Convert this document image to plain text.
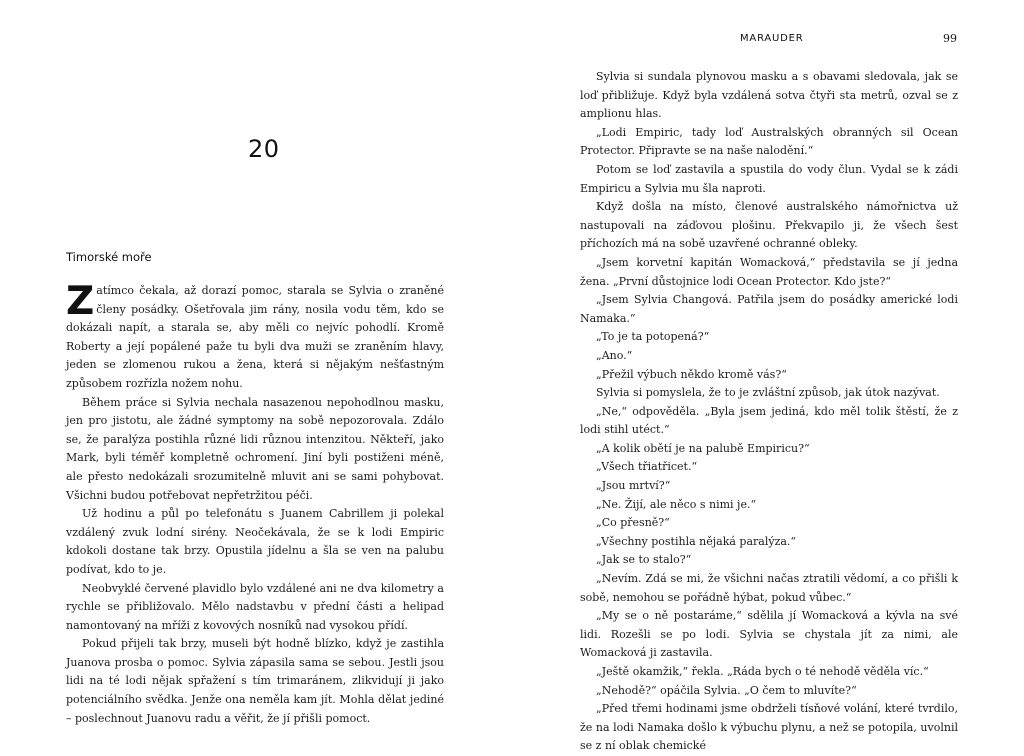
20
Timorské moře

Zatímco čekala, až dorazí pomoc, starala se Sylvia o zraněné členy posádky. Ošetřovala jim rány, nosila vodu těm, kdo se dokázali napít, a starala se, aby měli co nejvíc pohodlí. Kromě Roberty a její popálené paže tu byli dva muži se zraněním hlavy, jeden se zlomenou rukou a žena, která si nějakým nešťastným způsobem rozřízla nožem nohu.

Během práce si Sylvia nechala nasazenou nepohodlnou masku, jen pro jistotu, ale žádné symptomy na sobě nepozorovala. Zdálo se, že paralýza postihla různé lidi různou intenzitou. Někteří, jako Mark, byli téměř kompletně ochromení. Jiní byli postiženi méně, ale přesto nedokázali srozumitelně mluvit ani se sami pohybovat. Všichni budou potřebovat nepřetržitou péči.

Už hodinu a půl po telefonátu s Juanem Cabrillem ji polekal vzdálený zvuk lodní sirény. Neočekávala, že se k lodi Empiric kdokoli dostane tak brzy. Opustila jídelnu a šla se ven na palubu podívat, kdo to je.

Neobvyklé červené plavidlo bylo vzdálené ani ne dva kilometry a rychle se přibližovalo. Mělo nadstavbu v přední části a helipad namontovaný na mříži z kovových nosníků nad vysokou přídí.

Pokud přijeli tak brzy, museli být hodně blízko, když je zastihla Juanova prosba o pomoc. Sylvia zápasila sama se sebou. Jestli jsou lidi na té lodi nějak spřažení s tím trimaránem, zlikvidují ji jako potenciálního svědka. Jenže ona neměla kam jít. Mohla dělat jediné – poslechnout Juanovu radu a věřit, že jí přišli pomoct.

MARAUDER	99

Sylvia si sundala plynovou masku a s obavami sledovala, jak se loď přibližuje. Když byla vzdálená sotva čtyři sta metrů, ozval se z amplionu hlas.

„Lodi Empiric, tady loď Australských obranných sil Ocean Protector. Připravte se na naše nalodění.“

Potom se loď zastavila a spustila do vody člun. Vydal se k zádi Empiricu a Sylvia mu šla naproti.

Když došla na místo, členové australského námořnictva už nastupovali na záďovou plošinu. Překvapilo ji, že všech šest příchozích má na sobě uzavřené ochranné obleky.

„Jsem korvetní kapitán Womacková,“ představila se jí jedna žena. „První důstojnice lodi Ocean Protector. Kdo jste?“

„Jsem Sylvia Changová. Patřila jsem do posádky americké lodi Namaka.“

„To je ta potopená?“

„Ano.“

„Přežil výbuch někdo kromě vás?“

Sylvia si pomyslela, že to je zvláštní způsob, jak útok nazývat.

„Ne,“ odpovědělа. „Byla jsem jediná, kdo měl tolik štěstí, že z lodi stihl utéct.“

„A kolik obětí je na palubě Empiricu?“

„Všech třiatřicet.“

„Jsou mrtví?“

„Ne. Žijí, ale něco s nimi je.“

„Co přesně?“

„Všechny postihla nějaká paralýza.“

„Jak se to stalo?“

„Nevím. Zdá se mi, že všichni načas ztratili vědomí, a co přišli k sobě, nemohou se pořádně hýbat, pokud vůbec.“

„My se o ně postaráme,“ sdělila jí Womacková a kývla na své lidi. Rozešli se po lodi. Sylvia se chystala jít za nimi, ale Womacková ji zastavila.

„Ještě okamžik,“ řekla. „Ráda bych o té nehodě věděla víc.“

„Nehodě?“ opáčila Sylvia. „O čem to mluvíte?“

„Před třemi hodinami jsme obdrželi tísňové volání, které tvrdilo, že na lodi Namaka došlo k výbuchu plynu, a než se potopila, uvolnil se z ní oblak chemické
